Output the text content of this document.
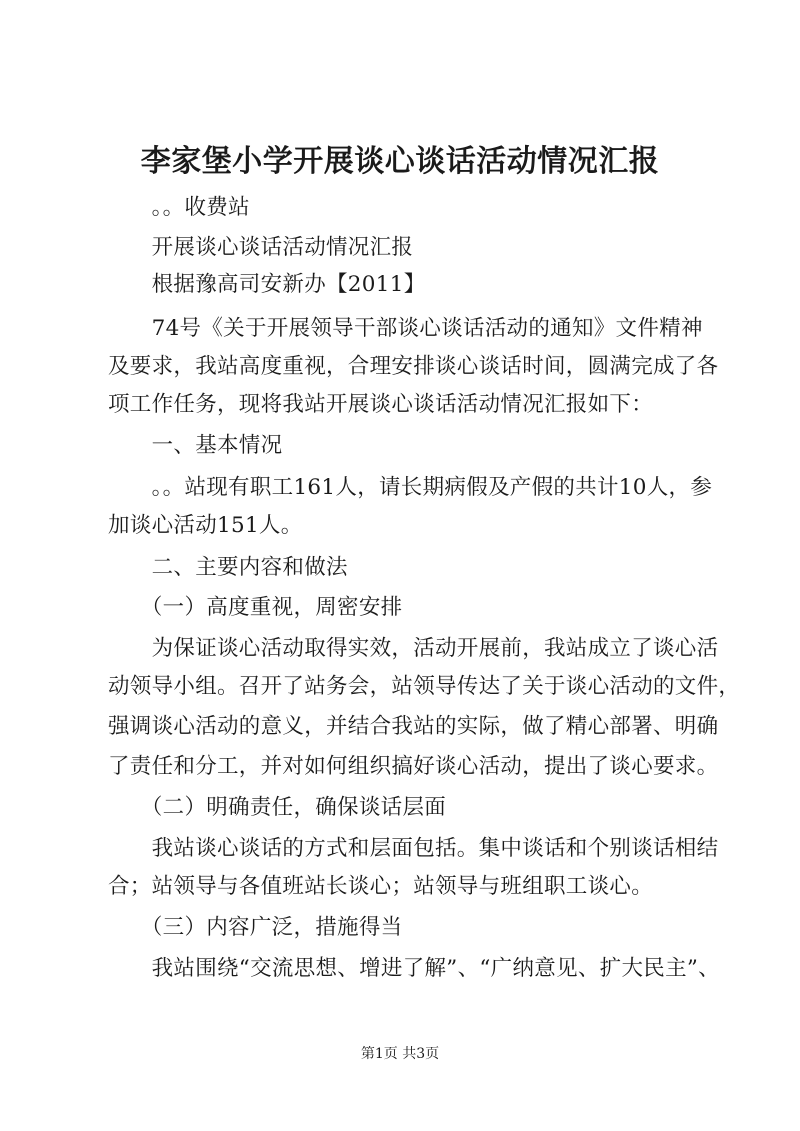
李家堡小学开展谈心谈话活动情况汇报
　　。。收费站
　　开展谈心谈话活动情况汇报
　　根据豫高司安新办【2011】
　　74号《关于开展领导干部谈心谈话活动的通知》文件精神
及要求，我站高度重视，合理安排谈心谈话时间，圆满完成了各
项工作任务，现将我站开展谈心谈话活动情况汇报如下：
　　一、基本情况
　　。。站现有职工161人，请长期病假及产假的共计10人，参
加谈心活动151人。
　　二、主要内容和做法
　　（一）高度重视，周密安排
　　为保证谈心活动取得实效，活动开展前，我站成立了谈心活
动领导小组。召开了站务会，站领导传达了关于谈心活动的文件，
强调谈心活动的意义，并结合我站的实际，做了精心部署、明确
了责任和分工，并对如何组织搞好谈心活动，提出了谈心要求。
　　（二）明确责任，确保谈话层面
　　我站谈心谈话的方式和层面包括。集中谈话和个别谈话相结
合；站领导与各值班站长谈心；站领导与班组职工谈心。
　　（三）内容广泛，措施得当
　　我站围绕“交流思想、增进了解”、“广纳意见、扩大民主”、
第1页 共3页
